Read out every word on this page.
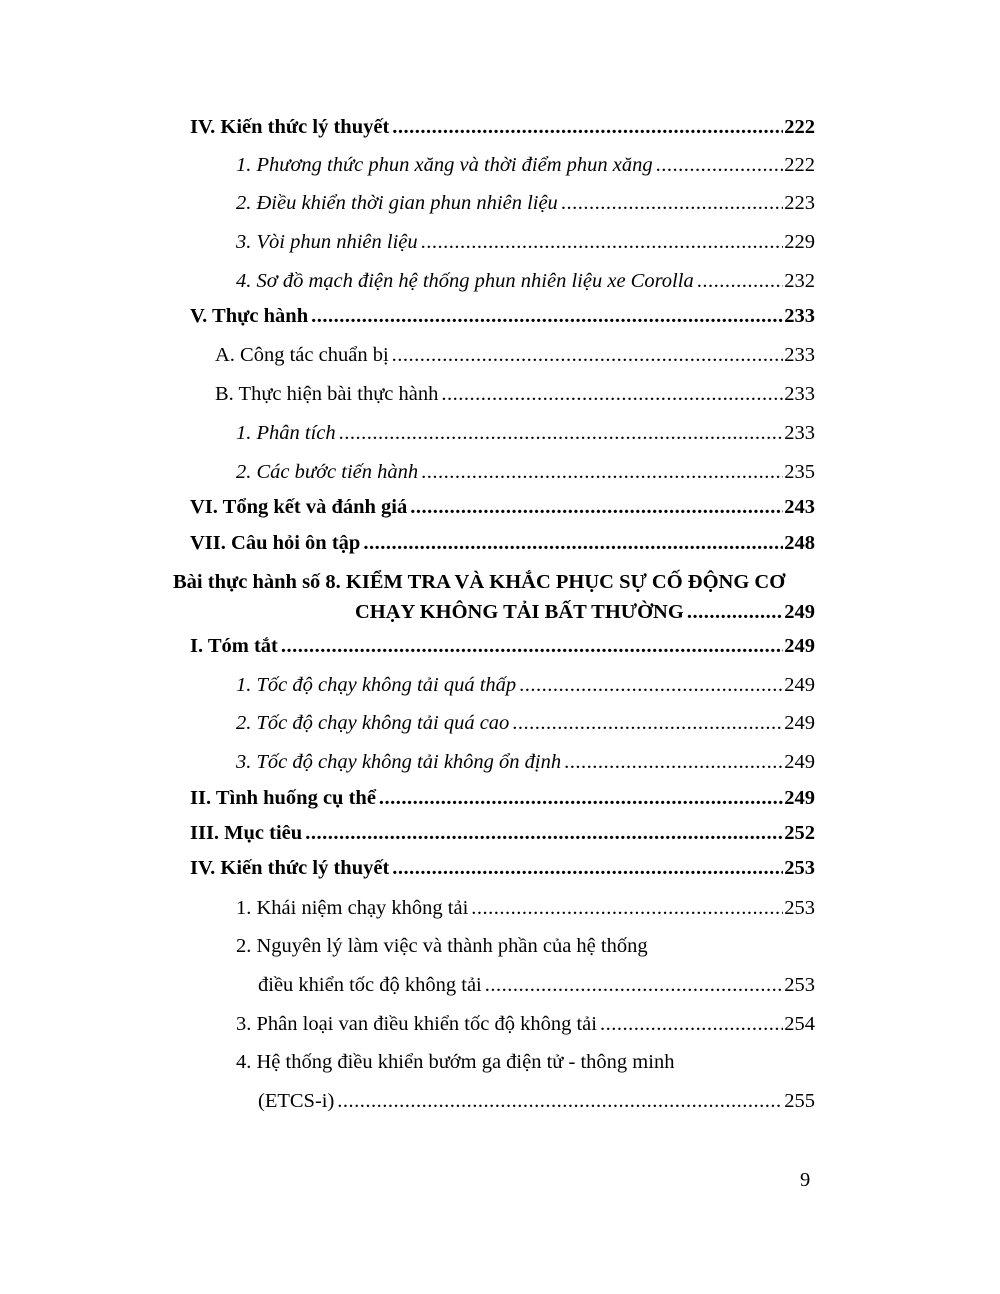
IV. Kiến thức lý thuyết .....	222
1. Phương thức phun xăng và thời điểm phun xăng .....	222
2. Điều khiển thời gian phun nhiên liệu .....	223
3. Vòi phun nhiên liệu .....	229
4. Sơ đồ mạch điện hệ thống phun nhiên liệu xe Corolla .....	232
V. Thực hành .....	233
A. Công tác chuẩn bị .....	233
B. Thực hiện bài thực hành .....	233
1. Phân tích .....	233
2. Các bước tiến hành .....	235
VI. Tổng kết và đánh giá .....	243
VII. Câu hỏi ôn tập .....	248
Bài thực hành số 8. KIỂM TRA VÀ KHẮC PHỤC SỰ CỐ ĐỘNG CƠ
CHẠY KHÔNG TẢI BẤT THƯỜNG .....	249
I. Tóm tắt .....	249
1. Tốc độ chạy không tải quá thấp .....	249
2. Tốc độ chạy không tải quá cao .....	249
3. Tốc độ chạy không tải không ổn định .....	249
II. Tình huống cụ thể .....	249
III. Mục tiêu .....	252
IV. Kiến thức lý thuyết .....	253
1. Khái niệm chạy không tải .....	253
2. Nguyên lý làm việc và thành phần của hệ thống
điều khiển tốc độ không tải .....	253
3. Phân loại van điều khiển tốc độ không tải .....	254
4. Hệ thống điều khiển bướm ga điện tử - thông minh
(ETCS-i) .....	255
9
